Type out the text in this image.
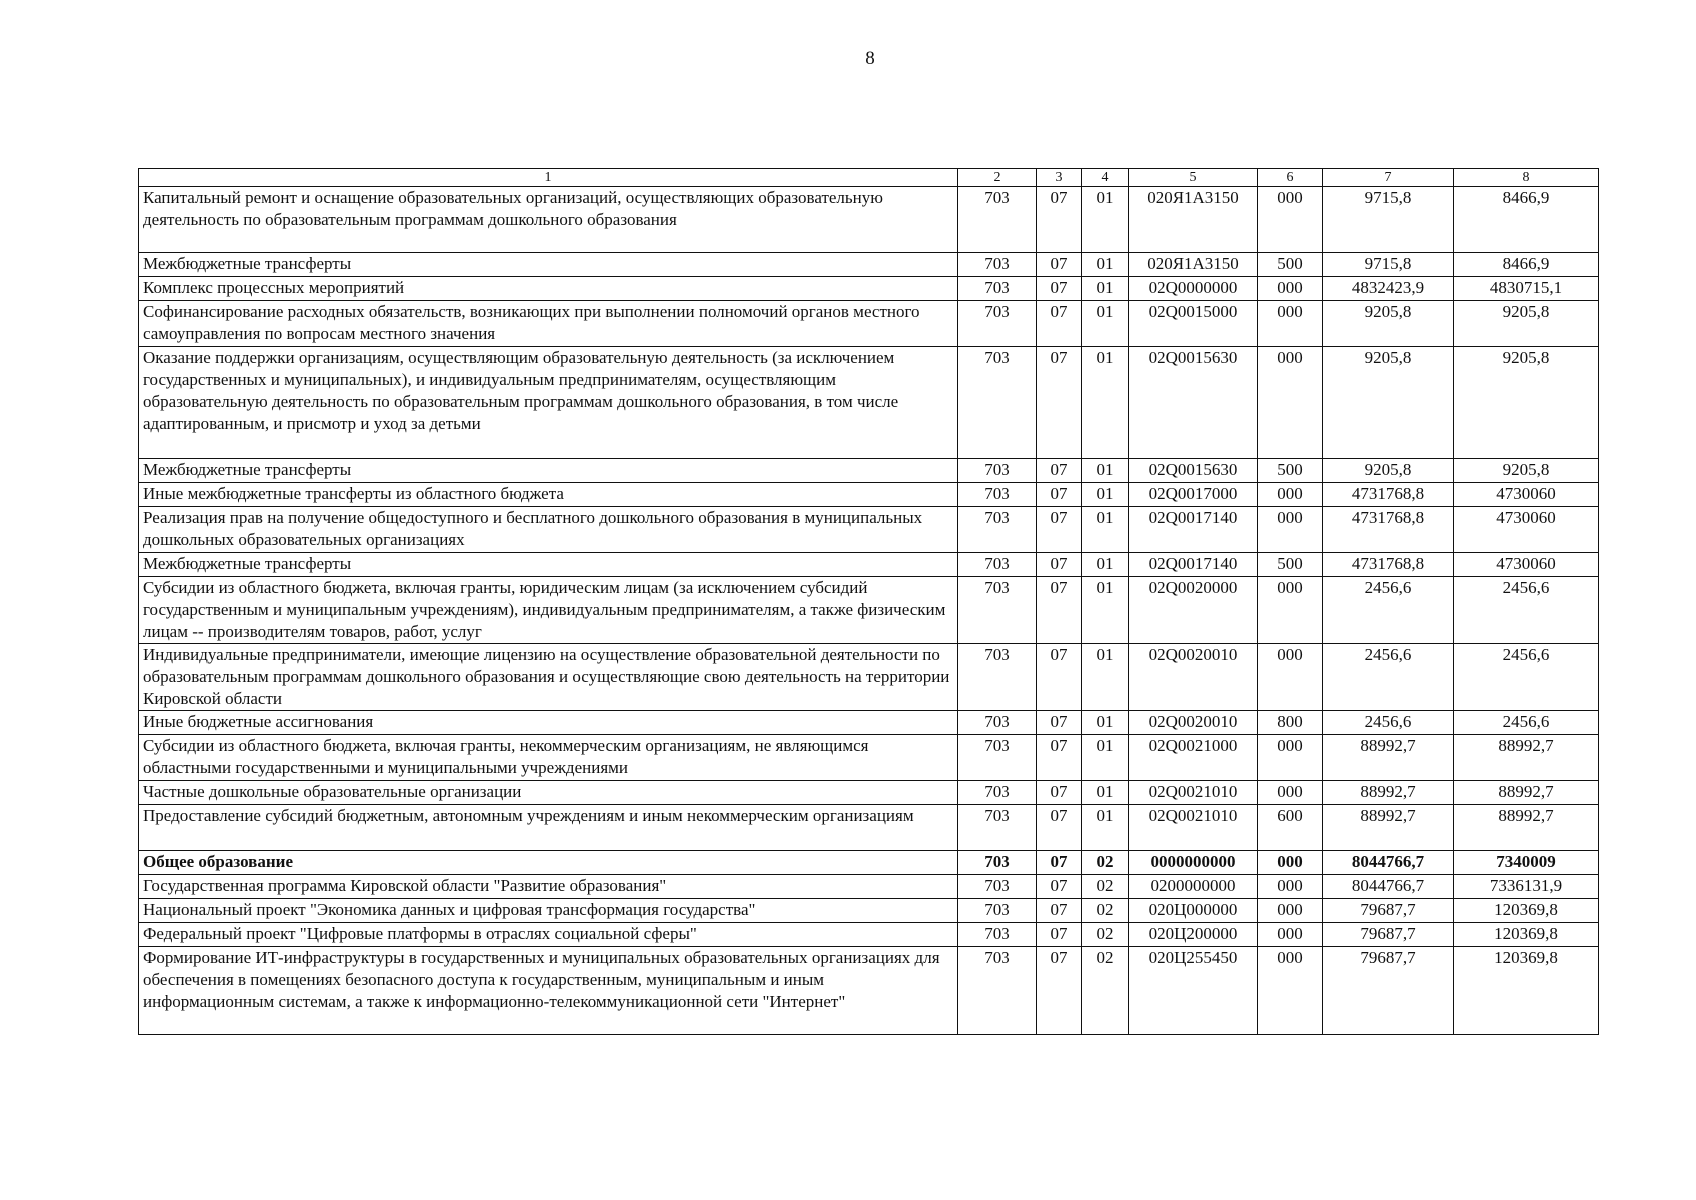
8
1	2	3	4	5	6	7	8
Капитальный ремонт и оснащение образовательных организаций, осуществляющих образовательную деятельность по образовательным программам дошкольного образования	703	07	01	020Я1А3150	000	9715,8	8466,9
Межбюджетные трансферты	703	07	01	020Я1А3150	500	9715,8	8466,9
Комплекс процессных мероприятий	703	07	01	02Q0000000	000	4832423,9	4830715,1
Софинансирование расходных обязательств, возникающих при выполнении полномочий органов местного самоуправления по вопросам местного значения	703	07	01	02Q0015000	000	9205,8	9205,8
Оказание поддержки организациям, осуществляющим образовательную деятельность (за исключением государственных и муниципальных), и индивидуальным предпринимателям, осуществляющим образовательную деятельность по образовательным программам дошкольного образования, в том числе адаптированным, и присмотр и уход за детьми	703	07	01	02Q0015630	000	9205,8	9205,8
Межбюджетные трансферты	703	07	01	02Q0015630	500	9205,8	9205,8
Иные межбюджетные трансферты из областного бюджета	703	07	01	02Q0017000	000	4731768,8	4730060
Реализация прав на получение общедоступного и бесплатного дошкольного образования в муниципальных дошкольных образовательных организациях	703	07	01	02Q0017140	000	4731768,8	4730060
Межбюджетные трансферты	703	07	01	02Q0017140	500	4731768,8	4730060
Субсидии из областного бюджета, включая гранты, юридическим лицам (за исключением субсидий государственным и муниципальным учреждениям), индивидуальным предпринимателям, а также физическим лицам -- производителям товаров, работ, услуг	703	07	01	02Q0020000	000	2456,6	2456,6
Индивидуальные предприниматели, имеющие лицензию на осуществление образовательной деятельности по образовательным программам дошкольного образования и осуществляющие свою деятельность на территории Кировской области	703	07	01	02Q0020010	000	2456,6	2456,6
Иные бюджетные ассигнования	703	07	01	02Q0020010	800	2456,6	2456,6
Субсидии из областного бюджета, включая гранты, некоммерческим организациям, не являющимся областными государственными и муниципальными учреждениями	703	07	01	02Q0021000	000	88992,7	88992,7
Частные дошкольные образовательные организации	703	07	01	02Q0021010	000	88992,7	88992,7
Предоставление субсидий бюджетным, автономным учреждениям и иным некоммерческим организациям	703	07	01	02Q0021010	600	88992,7	88992,7
Общее образование	703	07	02	0000000000	000	8044766,7	7340009
Государственная программа Кировской области "Развитие образования"	703	07	02	0200000000	000	8044766,7	7336131,9
Национальный проект "Экономика данных и цифровая трансформация государства"	703	07	02	020Ц000000	000	79687,7	120369,8
Федеральный проект "Цифровые платформы в отраслях социальной сферы"	703	07	02	020Ц200000	000	79687,7	120369,8
Формирование ИТ-инфраструктуры в государственных и муниципальных образовательных организациях для обеспечения в помещениях безопасного доступа к государственным, муниципальным и иным информационным системам, а также к информационно-телекоммуникационной сети "Интернет"	703	07	02	020Ц255450	000	79687,7	120369,8
